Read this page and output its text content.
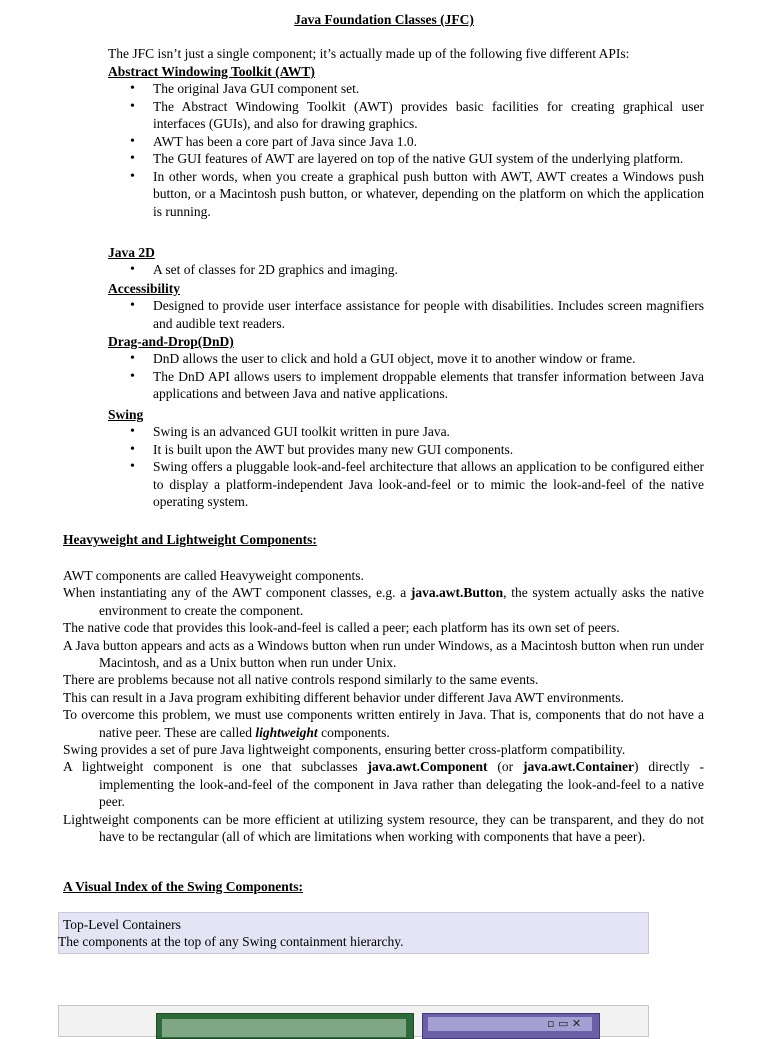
Java Foundation Classes (JFC)
The JFC isn’t just a single component; it’s actually made up of the following five different APIs:

Abstract Windowing Toolkit (AWT)

• The original Java GUI component set.
• The Abstract Windowing Toolkit (AWT) provides basic facilities for creating graphical user interfaces (GUIs), and also for drawing graphics.
• AWT has been a core part of Java since Java 1.0.
• The GUI features of AWT are layered on top of the native GUI system of the underlying platform.
• In other words, when you create a graphical push button with AWT, AWT creates a Windows push button, or a Macintosh push button, or whatever, depending on the platform on which the application is running.

Java 2D

• A set of classes for 2D graphics and imaging.

Accessibility

• Designed to provide user interface assistance for people with disabilities. Includes screen magnifiers and audible text readers.

Drag-and-Drop(DnD)

• DnD allows the user to click and hold a GUI object, move it to another window or frame.
• The DnD API allows users to implement droppable elements that transfer information between Java applications and between Java and native applications.

Swing

• Swing is an advanced GUI toolkit written in pure Java.
• It is built upon the AWT but provides many new GUI components.
• Swing offers a pluggable look-and-feel architecture that allows an application to be configured either to display a platform-independent Java look-and-feel or to mimic the look-and-feel of the native operating system.
Heavyweight and Lightweight Components:

AWT components are called Heavyweight components.

When instantiating any of the AWT component classes, e.g. a java.awt.Button, the system actually asks the native environment to create the component.

The native code that provides this look-and-feel is called a peer; each platform has its own set of peers.

A Java button appears and acts as a Windows button when run under Windows, as a Macintosh button when run under Macintosh, and as a Unix button when run under Unix.

There are problems because not all native controls respond similarly to the same events.

This can result in a Java program exhibiting different behavior under different Java AWT environments.

To overcome this problem, we must use components written entirely in Java. That is, components that do not have a native peer. These are called lightweight components.

Swing provides a set of pure Java lightweight components, ensuring better cross-platform compatibility.

A lightweight component is one that subclasses java.awt.Component (or java.awt.Container) directly - implementing the look-and-feel of the component in Java rather than delegating the look-and-feel to a native peer.

Lightweight components can be more efficient at utilizing system resource, they can be transparent, and they do not have to be rectangular (all of which are limitations when working with components that have a peer).

A Visual Index of the Swing Components:
Top-Level Containers
The components at the top of any Swing containment hierarchy.
▫ ▭ ✕
